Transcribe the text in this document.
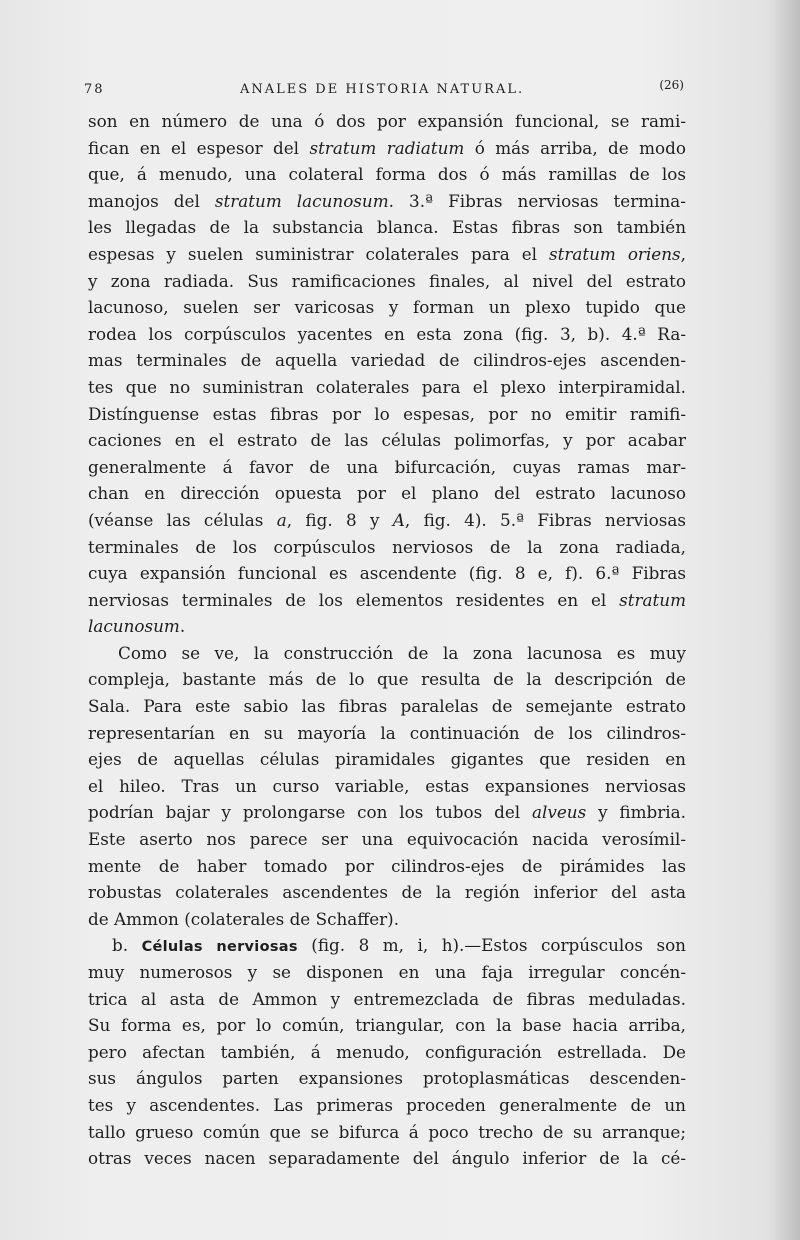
78	ANALES DE HISTORIA NATURAL.	(26)
son en número de una ó dos por expansión funcional, se rami-
fican en el espesor del stratum radiatum ó más arriba, de modo
que, á menudo, una colateral forma dos ó más ramillas de los
manojos del stratum lacunosum. 3.ª Fibras nerviosas termina-
les llegadas de la substancia blanca. Estas fibras son también
espesas y suelen suministrar colaterales para el stratum oriens,
y zona radiada. Sus ramificaciones finales, al nivel del estrato
lacunoso, suelen ser varicosas y forman un plexo tupido que
rodea los corpúsculos yacentes en esta zona (fig. 3, b). 4.ª Ra-
mas terminales de aquella variedad de cilindros-ejes ascenden-
tes que no suministran colaterales para el plexo interpiramidal.
Distínguense estas fibras por lo espesas, por no emitir ramifi-
caciones en el estrato de las células polimorfas, y por acabar
generalmente á favor de una bifurcación, cuyas ramas mar-
chan en dirección opuesta por el plano del estrato lacunoso
(véanse las células a, fig. 8 y A, fig. 4). 5.ª Fibras nerviosas
terminales de los corpúsculos nerviosos de la zona radiada,
cuya expansión funcional es ascendente (fig. 8 e, f). 6.ª Fibras
nerviosas terminales de los elementos residentes en el stratum
lacunosum.
Como se ve, la construcción de la zona lacunosa es muy
compleja, bastante más de lo que resulta de la descripción de
Sala. Para este sabio las fibras paralelas de semejante estrato
representarían en su mayoría la continuación de los cilindros-
ejes de aquellas células piramidales gigantes que residen en
el hileo. Tras un curso variable, estas expansiones nerviosas
podrían bajar y prolongarse con los tubos del alveus y fimbria.
Este aserto nos parece ser una equivocación nacida verosímil-
mente de haber tomado por cilindros-ejes de pirámides las
robustas colaterales ascendentes de la región inferior del asta
de Ammon (colaterales de Schaffer).
b. Células nerviosas (fig. 8 m, i, h).—Estos corpúsculos son
muy numerosos y se disponen en una faja irregular concén-
trica al asta de Ammon y entremezclada de fibras meduladas.
Su forma es, por lo común, triangular, con la base hacia arriba,
pero afectan también, á menudo, configuración estrellada. De
sus ángulos parten expansiones protoplasmáticas descenden-
tes y ascendentes. Las primeras proceden generalmente de un
tallo grueso común que se bifurca á poco trecho de su arranque;
otras veces nacen separadamente del ángulo inferior de la cé-
